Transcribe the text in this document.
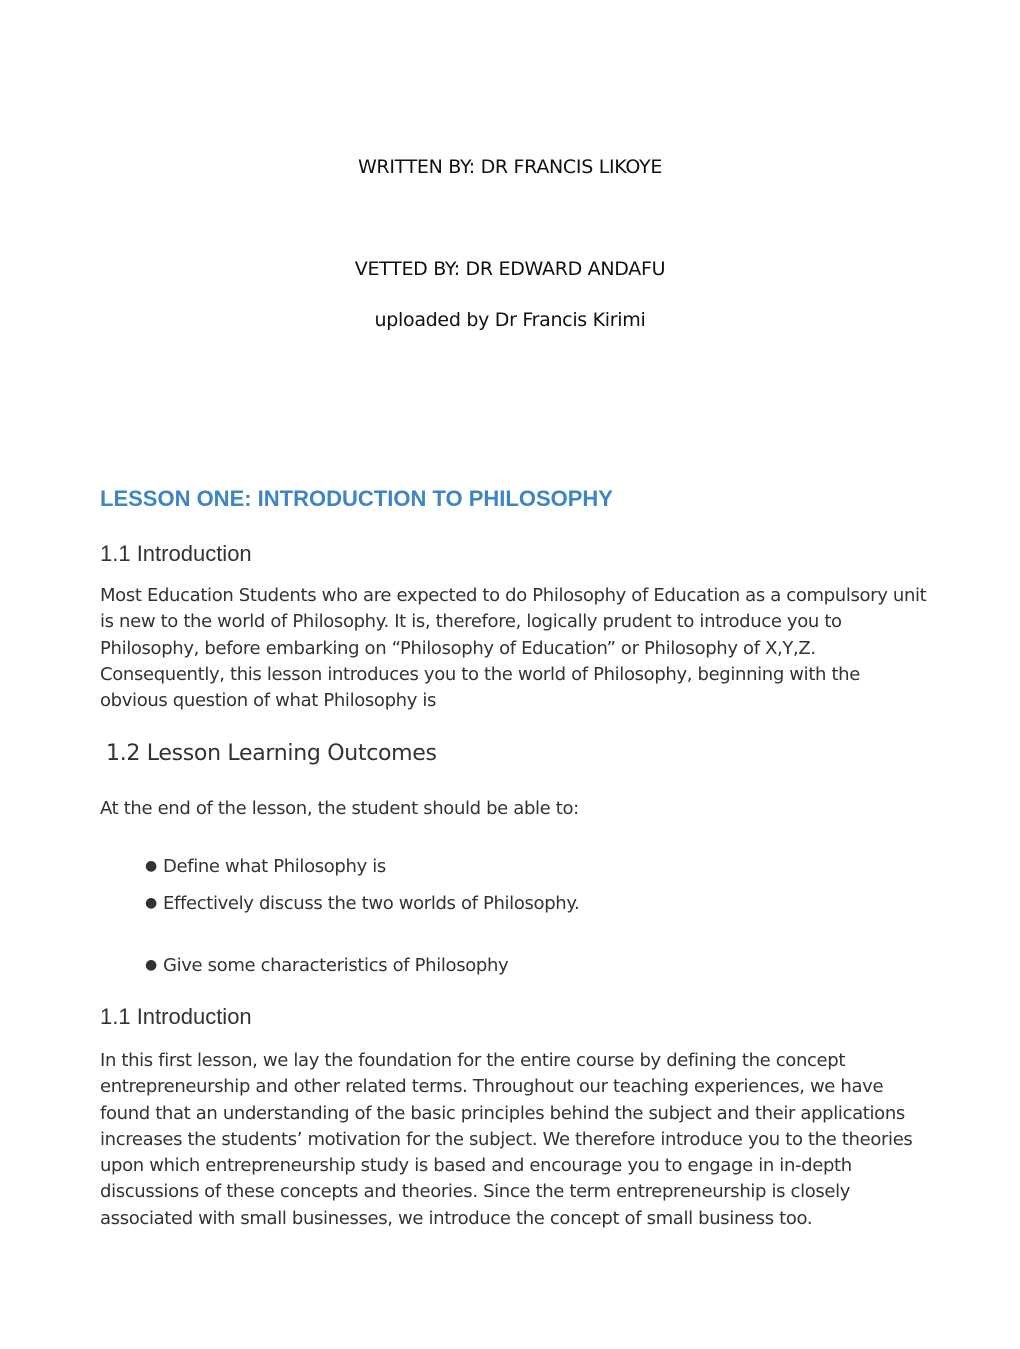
WRITTEN BY: DR FRANCIS LIKOYE
VETTED BY: DR EDWARD ANDAFU
uploaded by Dr Francis Kirimi
LESSON ONE: INTRODUCTION TO PHILOSOPHY
1.1 Introduction

Most Education Students who are expected to do Philosophy of Education as a compulsory unit is new to the world of Philosophy. It is, therefore, logically prudent to introduce you to Philosophy, before embarking on “Philosophy of Education” or Philosophy of X,Y,Z. Consequently, this lesson introduces you to the world of Philosophy, beginning with the obvious question of what Philosophy is

1.2 Lesson Learning Outcomes

At the end of the lesson, the student should be able to:

● Define what Philosophy is
● Effectively discuss the two worlds of Philosophy.
● Give some characteristics of Philosophy
1.1 Introduction

In this first lesson, we lay the foundation for the entire course by defining the concept entrepreneurship and other related terms. Throughout our teaching experiences, we have found that an understanding of the basic principles behind the subject and their applications increases the students’ motivation for the subject. We therefore introduce you to the theories upon which entrepreneurship study is based and encourage you to engage in in-depth discussions of these concepts and theories. Since the term entrepreneurship is closely associated with small businesses, we introduce the concept of small business too.
